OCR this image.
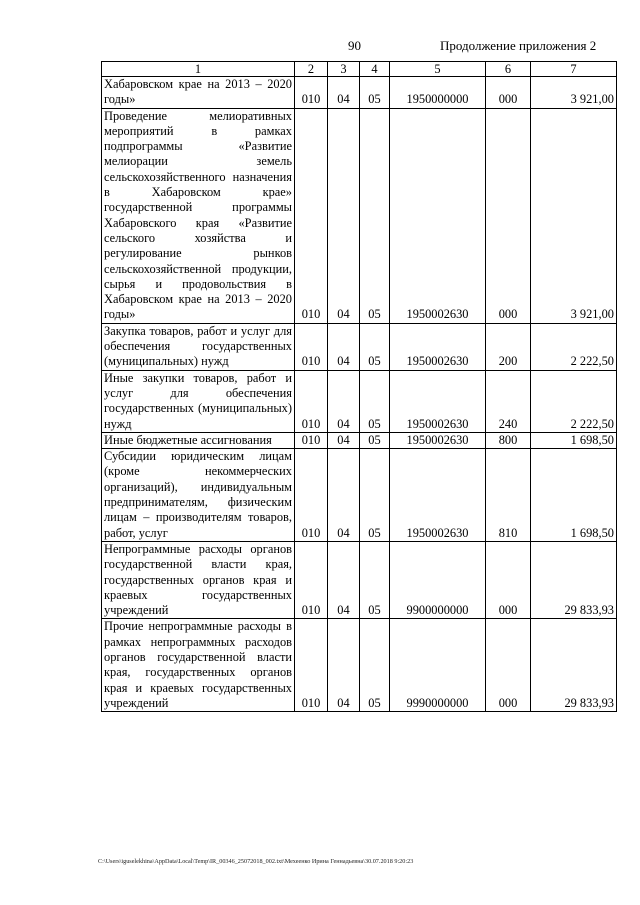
90	Продолжение приложения 2
1	2	3	4	5	6	7
Хабаровском крае на 2013 – 2020 годы»	010	04	05	1950000000	000	3 921,00
Проведение мелиоративных мероприятий в рамках подпрограммы «Развитие мелиорации земель сельскохозяйственного назначения в Хабаровском крае» государственной программы Хабаровского края «Развитие сельского хозяйства и регулирование рынков сельскохозяйственной продукции, сырья и продовольствия в Хабаровском крае на 2013 – 2020 годы»	010	04	05	1950002630	000	3 921,00
Закупка товаров, работ и услуг для обеспечения государственных (муниципальных) нужд	010	04	05	1950002630	200	2 222,50
Иные закупки товаров, работ и услуг для обеспечения государственных (муниципальных) нужд	010	04	05	1950002630	240	2 222,50
Иные бюджетные ассигнования	010	04	05	1950002630	800	1 698,50
Субсидии юридическим лицам (кроме некоммерческих организаций), индивидуальным предпринимателям, физическим лицам – производителям товаров, работ, услуг	010	04	05	1950002630	810	1 698,50
Непрограммные расходы органов государственной власти края, государственных органов края и краевых государственных учреждений	010	04	05	9900000000	000	29 833,93
Прочие непрограммные расходы в рамках непрограммных расходов органов государственной власти края, государственных органов края и краевых государственных учреждений	010	04	05	9990000000	000	29 833,93
C:\Users\iguselekhina\AppData\Local\Temp\IR_00346_25072018_002.txt\Мехеенко Ирина Геннадьевна\30.07.2018 9:20:23
